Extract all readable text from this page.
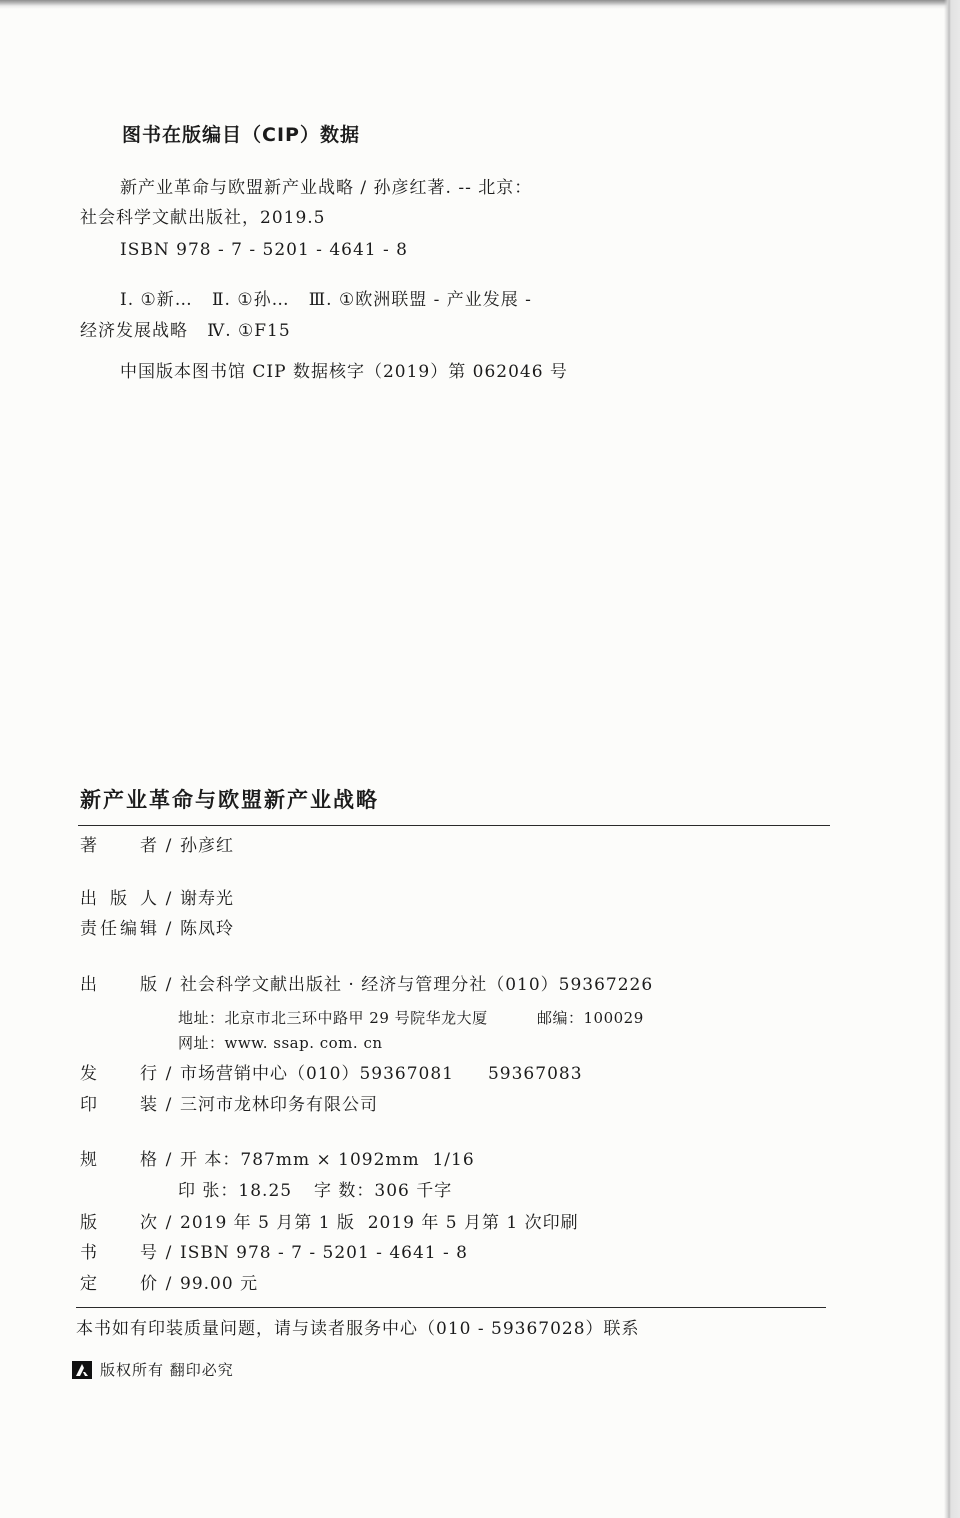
图书在版编目（CIP）数据
新产业革命与欧盟新产业战略 / 孙彦红著. -- 北京：
社会科学文献出版社，2019.5
ISBN 978 - 7 - 5201 - 4641 - 8
Ⅰ. ①新…   Ⅱ. ①孙…   Ⅲ. ①欧洲联盟 - 产业发展 -
经济发展战略   Ⅳ. ①F15
中国版本图书馆 CIP 数据核字（2019）第 062046 号
新产业革命与欧盟新产业战略
著 者 / 孙彦红
出 版 人 / 谢寿光
责任编辑 / 陈凤玲
出 版 / 社会科学文献出版社 · 经济与管理分社（010）59367226
地址：北京市北三环中路甲 29 号院华龙大厦	邮编：100029
网址：www. ssap. com. cn
发 行 / 市场营销中心（010）59367081 59367083
印 装 / 三河市龙林印务有限公司
规 格 / 开 本：787mm × 1092mm  1/16
印 张：18.25 字 数：306 千字
版 次 / 2019 年 5 月第 1 版  2019 年 5 月第 1 次印刷
书 号 / ISBN 978 - 7 - 5201 - 4641 - 8
定 价 / 99.00 元
本书如有印装质量问题，请与读者服务中心（010 - 59367028）联系
版权所有 翻印必究
